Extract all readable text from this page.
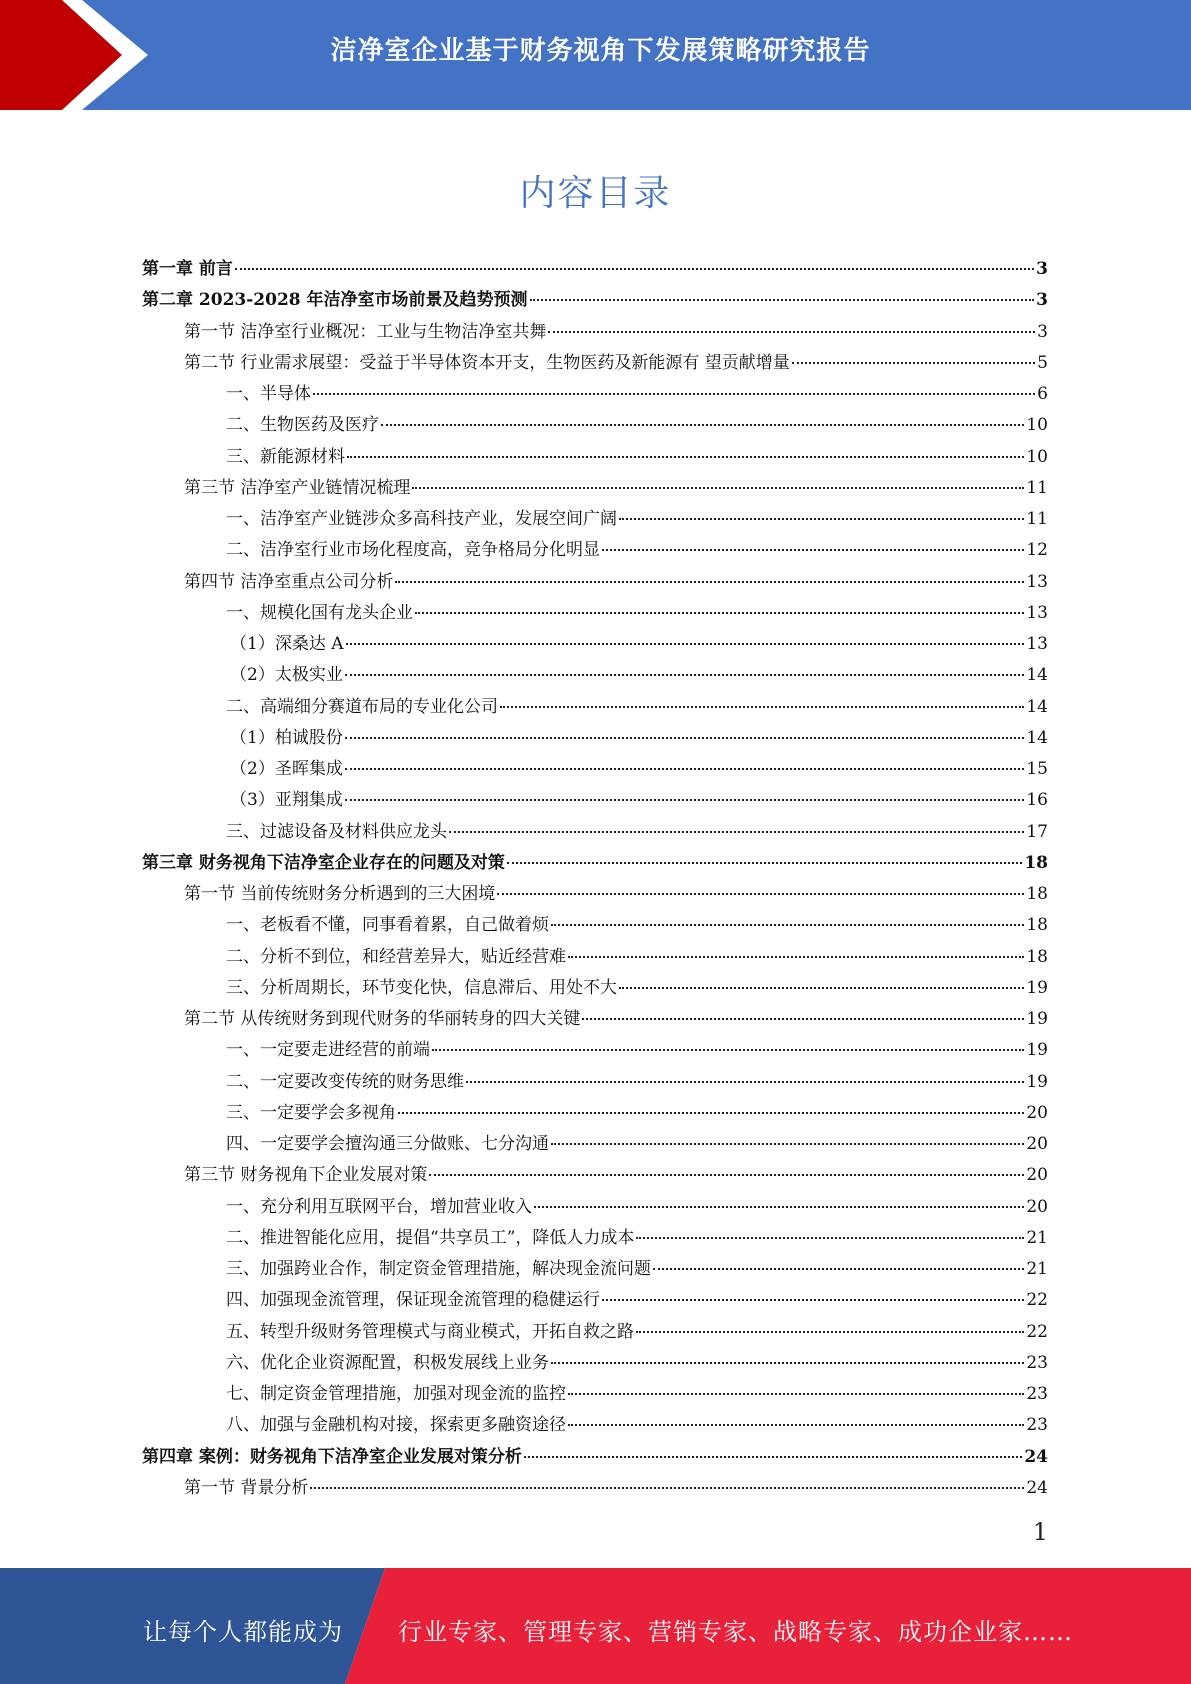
洁净室企业基于财务视角下发展策略研究报告
内容目录
第一章 前言	3
第二章 2023-2028 年洁净室市场前景及趋势预测	3
第一节 洁净室行业概况：工业与生物洁净室共舞	3
第二节 行业需求展望：受益于半导体资本开支，生物医药及新能源有 望贡献增量	5
一、半导体	6
二、生物医药及医疗	10
三、新能源材料	10
第三节 洁净室产业链情况梳理	11
一、洁净室产业链涉众多高科技产业，发展空间广阔	11
二、洁净室行业市场化程度高，竞争格局分化明显	12
第四节 洁净室重点公司分析	13
一、规模化国有龙头企业	13
（1）深桑达 A	13
（2）太极实业	14
二、高端细分赛道布局的专业化公司	14
（1）柏诚股份	14
（2）圣晖集成	15
（3）亚翔集成	16
三、过滤设备及材料供应龙头	17
第三章 财务视角下洁净室企业存在的问题及对策	18
第一节 当前传统财务分析遇到的三大困境	18
一、老板看不懂，同事看着累，自己做着烦	18
二、分析不到位，和经营差异大，贴近经营难	18
三、分析周期长，环节变化快，信息滞后、用处不大	19
第二节 从传统财务到现代财务的华丽转身的四大关键	19
一、一定要走进经营的前端	19
二、一定要改变传统的财务思维	19
三、一定要学会多视角	20
四、一定要学会擅沟通三分做账、七分沟通	20
第三节 财务视角下企业发展对策	20
一、充分利用互联网平台，增加营业收入	20
二、推进智能化应用，提倡“共享员工”，降低人力成本	21
三、加强跨业合作，制定资金管理措施，解决现金流问题	21
四、加强现金流管理，保证现金流管理的稳健运行	22
五、转型升级财务管理模式与商业模式，开拓自救之路	22
六、优化企业资源配置，积极发展线上业务	23
七、制定资金管理措施，加强对现金流的监控	23
八、加强与金融机构对接，探索更多融资途径	23
第四章 案例：财务视角下洁净室企业发展对策分析	24
第一节 背景分析	24
1
让每个人都能成为 行业专家、管理专家、营销专家、战略专家、成功企业家……
